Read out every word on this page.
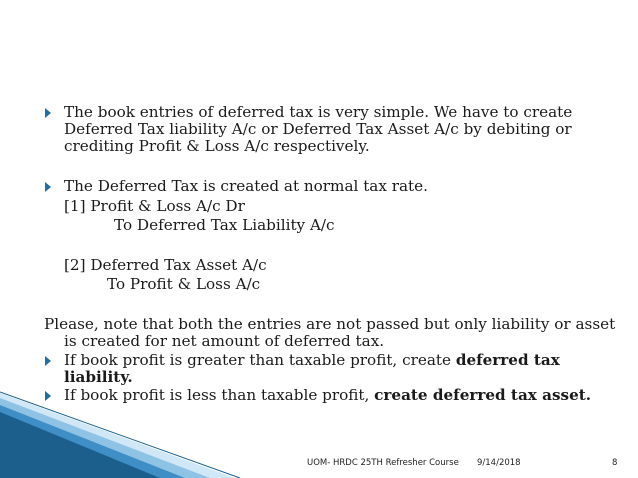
The book entries of deferred tax is very simple. We have to create Deferred Tax liability A/c or Deferred Tax Asset A/c by debiting or crediting Profit & Loss A/c respectively.
The Deferred Tax is created at normal tax rate.
[1] Profit & Loss A/c Dr
To Deferred Tax Liability A/c
[2] Deferred Tax Asset A/c
To Profit & Loss A/c
Please, note that both the entries are not passed but only liability or asset is created for net amount of deferred tax.
If book profit is greater than taxable profit, create deferred tax liability.
If book profit is less than taxable profit, create deferred tax asset.
UOM- HRDC 25TH Refresher Course 9/14/2018	8
